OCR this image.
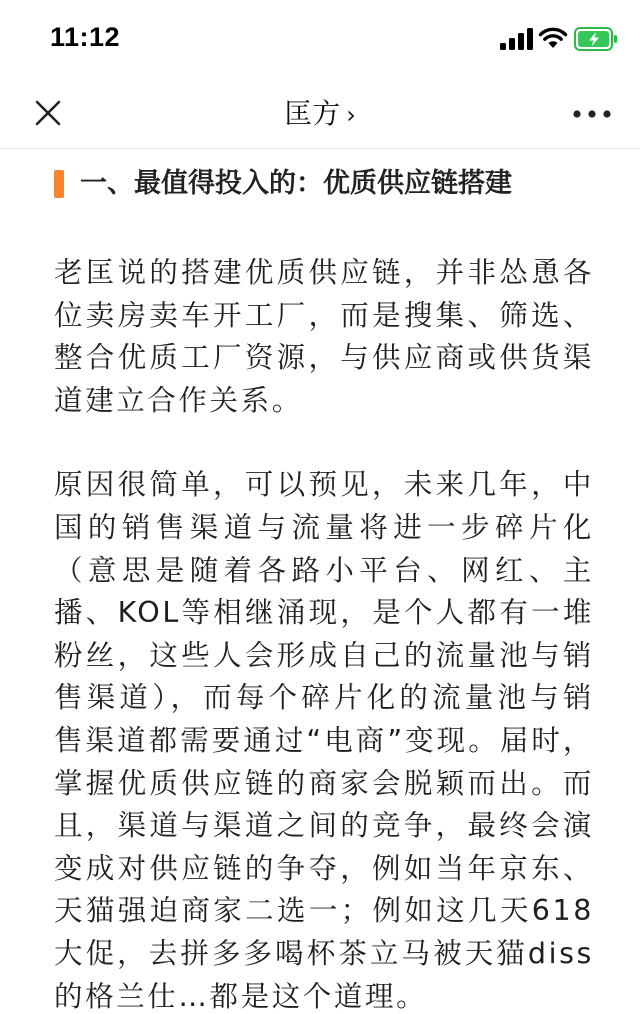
11:12
匡方 ›
一、最值得投入的：优质供应链搭建

老匡说的搭建优质供应链，并非怂恿各位卖房卖车开工厂，而是搜集、筛选、整合优质工厂资源，与供应商或供货渠道建立合作关系。

原因很简单，可以预见，未来几年，中国的销售渠道与流量将进一步碎片化（意思是随着各路小平台、网红、主播、KOL等相继涌现，是个人都有一堆粉丝，这些人会形成自己的流量池与销售渠道），而每个碎片化的流量池与销售渠道都需要通过“电商”变现。届时，掌握优质供应链的商家会脱颖而出。而且，渠道与渠道之间的竞争，最终会演变成对供应链的争夺，例如当年京东、天猫强迫商家二选一；例如这几天618大促，去拼多多喝杯茶立马被天猫diss的格兰仕…都是这个道理。
